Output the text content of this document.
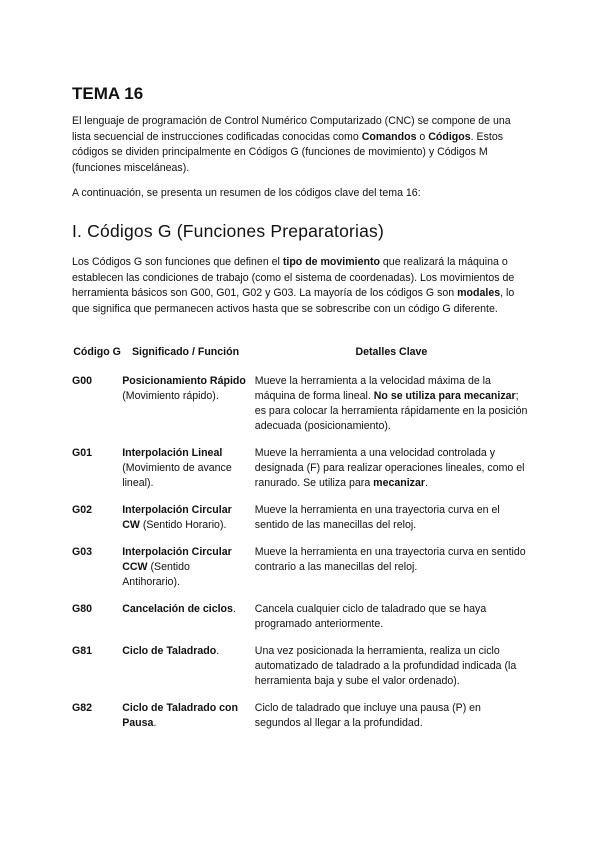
TEMA 16

El lenguaje de programación de Control Numérico Computarizado (CNC) se compone de una lista secuencial de instrucciones codificadas conocidas como Comandos o Códigos. Estos códigos se dividen principalmente en Códigos G (funciones de movimiento) y Códigos M (funciones misceláneas).

A continuación, se presenta un resumen de los códigos clave del tema 16:

I. Códigos G (Funciones Preparatorias)

Los Códigos G son funciones que definen el tipo de movimiento que realizará la máquina o establecen las condiciones de trabajo (como el sistema de coordenadas). Los movimientos de herramienta básicos son G00, G01, G02 y G03. La mayoría de los códigos G son modales, lo que significa que permanecen activos hasta que se sobrescribe con un código G diferente.

Código G	Significado / Función	Detalles Clave
G00	Posicionamiento Rápido (Movimiento rápido).	Mueve la herramienta a la velocidad máxima de la máquina de forma lineal. No se utiliza para mecanizar; es para colocar la herramienta rápidamente en la posición adecuada (posicionamiento).
G01	Interpolación Lineal (Movimiento de avance lineal).	Mueve la herramienta a una velocidad controlada y designada (F) para realizar operaciones lineales, como el ranurado. Se utiliza para mecanizar.
G02	Interpolación Circular CW (Sentido Horario).	Mueve la herramienta en una trayectoria curva en el sentido de las manecillas del reloj.
G03	Interpolación Circular CCW (Sentido Antihorario).	Mueve la herramienta en una trayectoria curva en sentido contrario a las manecillas del reloj.
G80	Cancelación de ciclos.	Cancela cualquier ciclo de taladrado que se haya programado anteriormente.
G81	Ciclo de Taladrado.	Una vez posicionada la herramienta, realiza un ciclo automatizado de taladrado a la profundidad indicada (la herramienta baja y sube el valor ordenado).
G82	Ciclo de Taladrado con Pausa.	Ciclo de taladrado que incluye una pausa (P) en segundos al llegar a la profundidad.
